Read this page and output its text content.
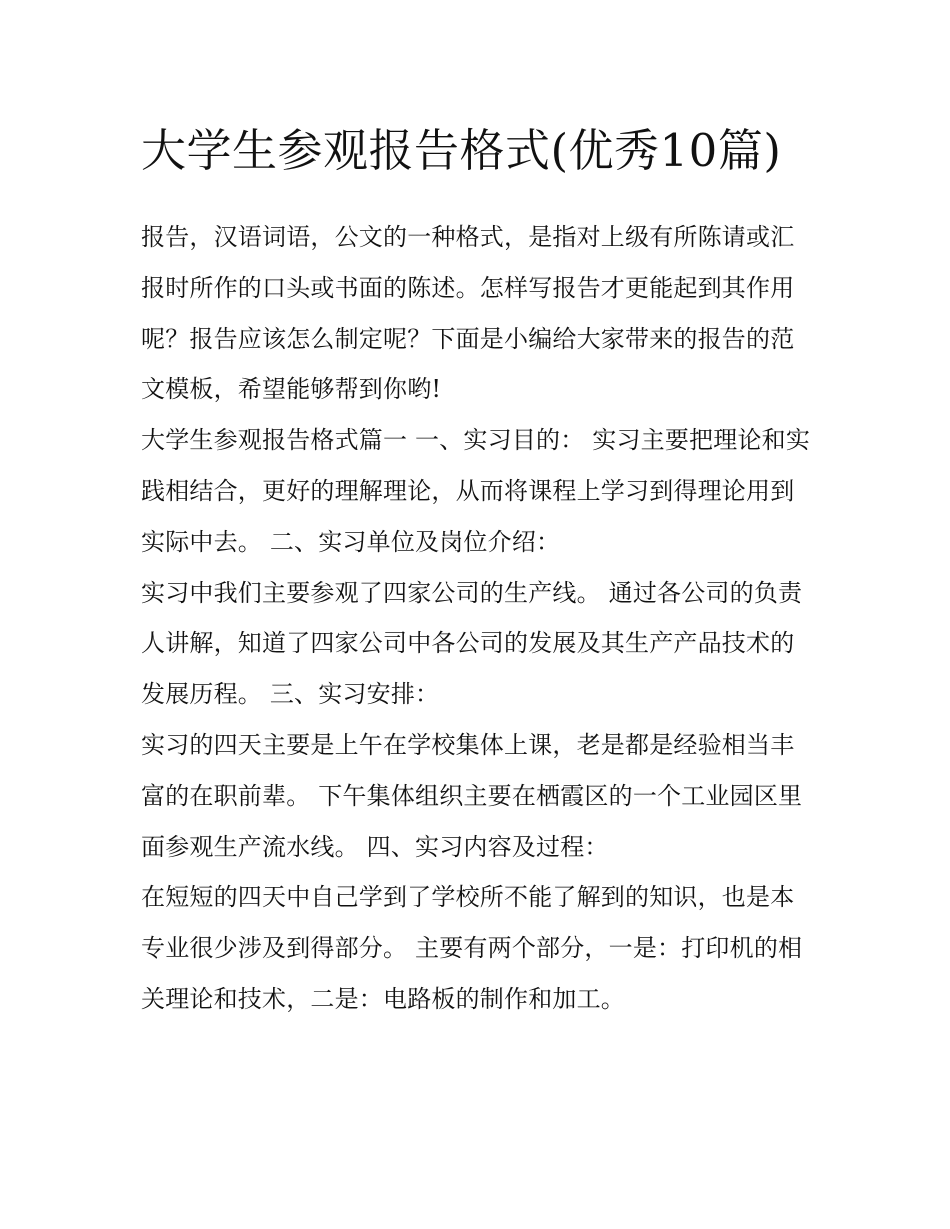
大学生参观报告格式(优秀10篇)

报告，汉语词语，公文的一种格式，是指对上级有所陈请或汇报时所作的口头或书面的陈述。怎样写报告才更能起到其作用呢？报告应该怎么制定呢？下面是小编给大家带来的报告的范文模板，希望能够帮到你哟!

大学生参观报告格式篇一 一、实习目的： 实习主要把理论和实践相结合，更好的理解理论，从而将课程上学习到得理论用到实际中去。 二、实习单位及岗位介绍：

实习中我们主要参观了四家公司的生产线。 通过各公司的负责人讲解，知道了四家公司中各公司的发展及其生产产品技术的发展历程。 三、实习安排：

实习的四天主要是上午在学校集体上课，老是都是经验相当丰富的在职前辈。 下午集体组织主要在栖霞区的一个工业园区里面参观生产流水线。 四、实习内容及过程：

在短短的四天中自己学到了学校所不能了解到的知识，也是本专业很少涉及到得部分。 主要有两个部分，一是：打印机的相关理论和技术，二是：电路板的制作和加工。
